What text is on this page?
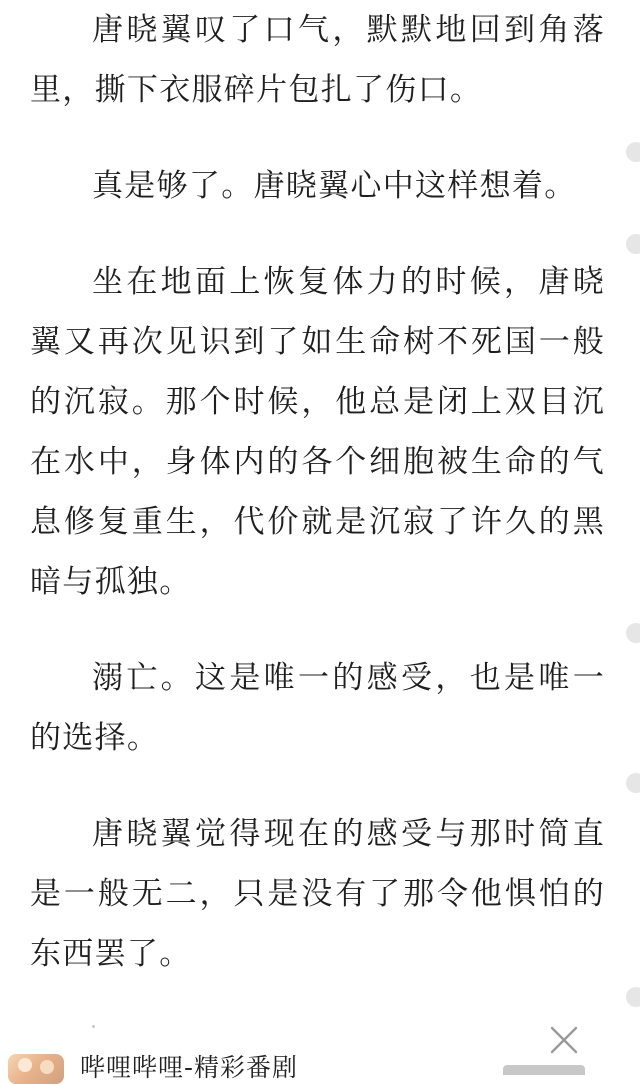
唐晓翼叹了口气，默默地回到角落里，撕下衣服碎片包扎了伤口。

真是够了。唐晓翼心中这样想着。

坐在地面上恢复体力的时候，唐晓翼又再次见识到了如生命树不死国一般的沉寂。那个时候，他总是闭上双目沉在水中，身体内的各个细胞被生命的气息修复重生，代价就是沉寂了许久的黑暗与孤独。

溺亡。这是唯一的感受，也是唯一的选择。

唐晓翼觉得现在的感受与那时简直是一般无二，只是没有了那令他惧怕的东西罢了。

哔哩哔哩-精彩番剧
